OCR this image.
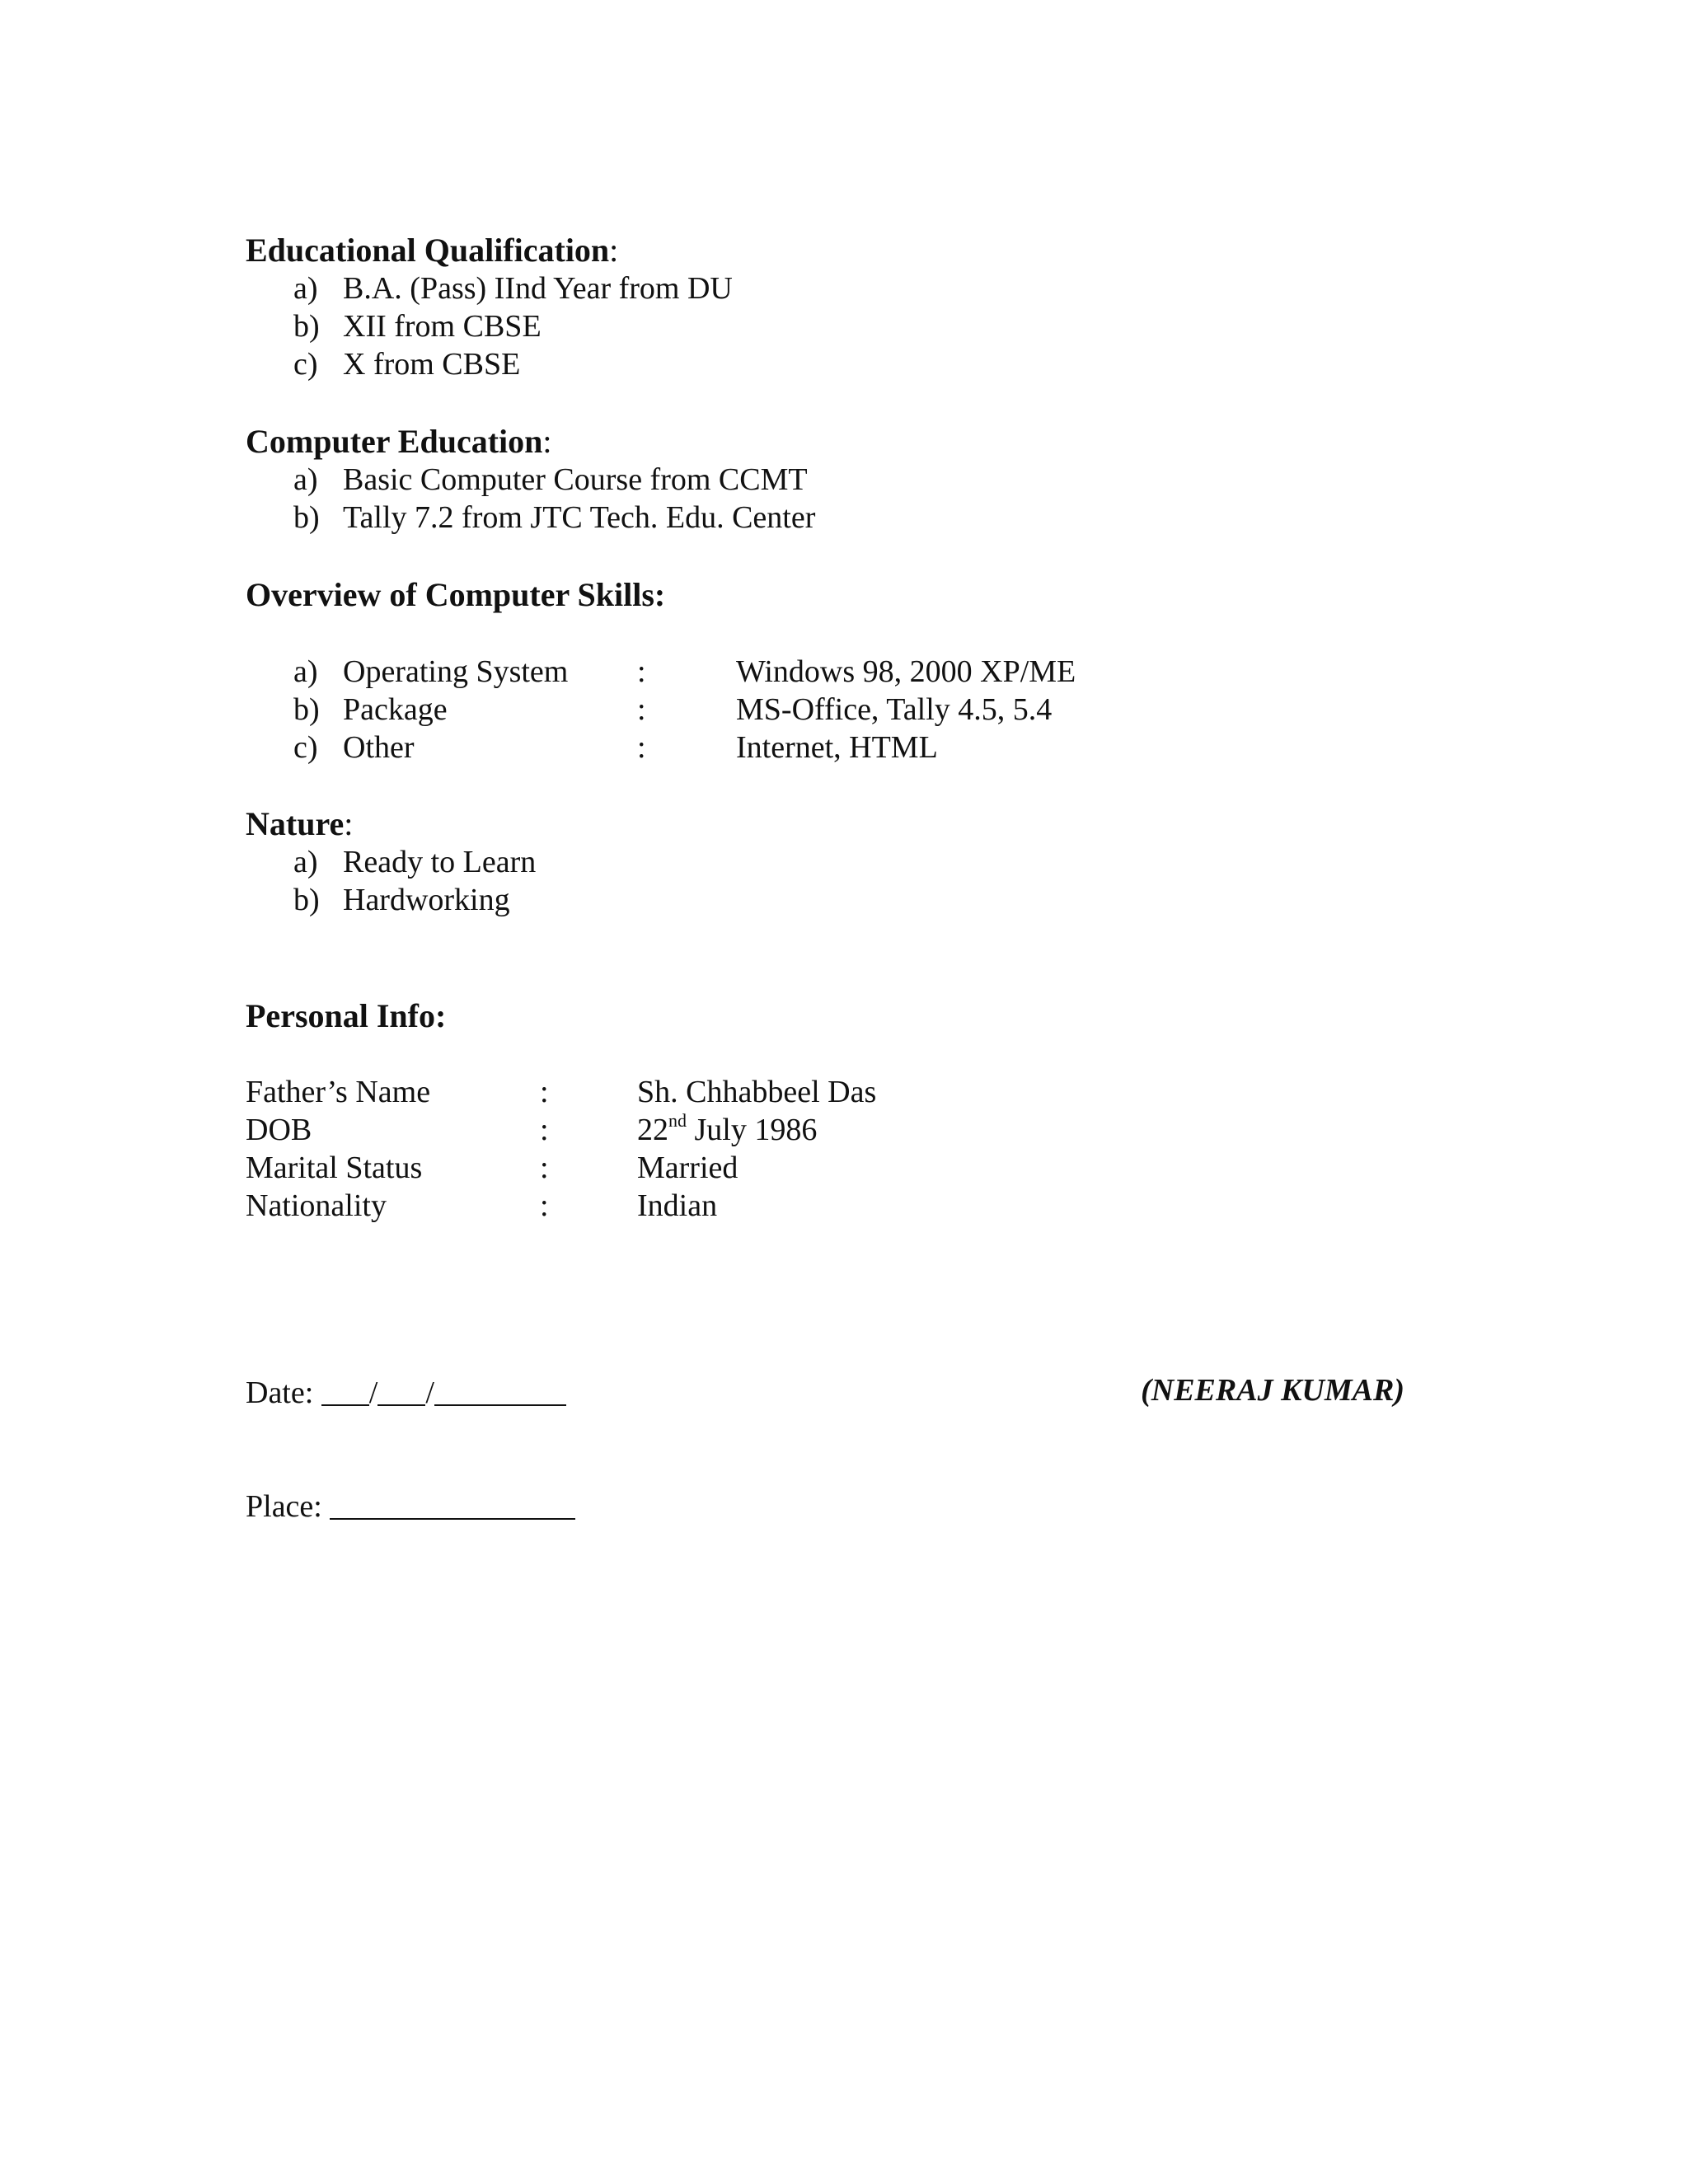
Educational Qualification:
a) B.A. (Pass) IInd Year from DU
b) XII from CBSE
c) X from CBSE
Computer Education:
a) Basic Computer Course from CCMT
b) Tally 7.2 from JTC Tech. Edu. Center
Overview of Computer Skills:
a) Operating System :	Windows 98, 2000 XP/ME
b) Package	:	MS-Office, Tally 4.5, 5.4
c) Other	:	Internet, HTML
Nature:
a) Ready to Learn
b) Hardworking
Personal Info:
Father’s Name	:	Sh. Chhabbeel Das
DOB	:	22nd July 1986
Marital Status	:	Married
Nationality	:	Indian
Date: / /	(NEERAJ KUMAR)
Place:
